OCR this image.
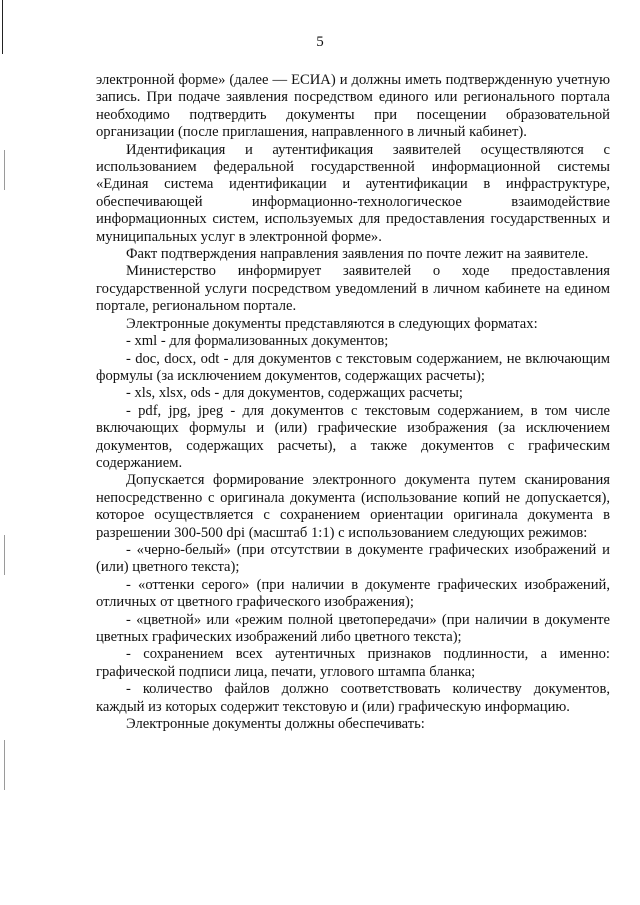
5

электронной форме» (далее — ЕСИА) и должны иметь подтвержденную учетную запись. При подаче заявления посредством единого или регионального портала необходимо подтвердить документы при посещении образовательной организации (после приглашения, направленного в личный кабинет).

Идентификация и аутентификация заявителей осуществляются с использованием федеральной государственной информационной системы «Единая система идентификации и аутентификации в инфраструктуре, обеспечивающей информационно-технологическое взаимодействие информационных систем, используемых для предоставления государственных и муниципальных услуг в электронной форме».

Факт подтверждения направления заявления по почте лежит на заявителе.

Министерство информирует заявителей о ходе предоставления государственной услуги посредством уведомлений в личном кабинете на едином портале, региональном портале.

Электронные документы представляются в следующих форматах:

- xml - для формализованных документов;

- doc, docx, odt - для документов с текстовым содержанием, не включающим формулы (за исключением документов, содержащих расчеты);

- xls, xlsx, ods - для документов, содержащих расчеты;

- pdf, jpg, jpeg - для документов с текстовым содержанием, в том числе включающих формулы и (или) графические изображения (за исключением документов, содержащих расчеты), а также документов с графическим содержанием.

Допускается формирование электронного документа путем сканирования непосредственно с оригинала документа (использование копий не допускается), которое осуществляется с сохранением ориентации оригинала документа в разрешении 300-500 dpi (масштаб 1:1) с использованием следующих режимов:

- «черно-белый» (при отсутствии в документе графических изображений и (или) цветного текста);

- «оттенки серого» (при наличии в документе графических изображений, отличных от цветного графического изображения);

- «цветной» или «режим полной цветопередачи» (при наличии в документе цветных графических изображений либо цветного текста);

- сохранением всех аутентичных признаков подлинности, а именно: графической подписи лица, печати, углового штампа бланка;

- количество файлов должно соответствовать количеству документов, каждый из которых содержит текстовую и (или) графическую информацию.

Электронные документы должны обеспечивать:
